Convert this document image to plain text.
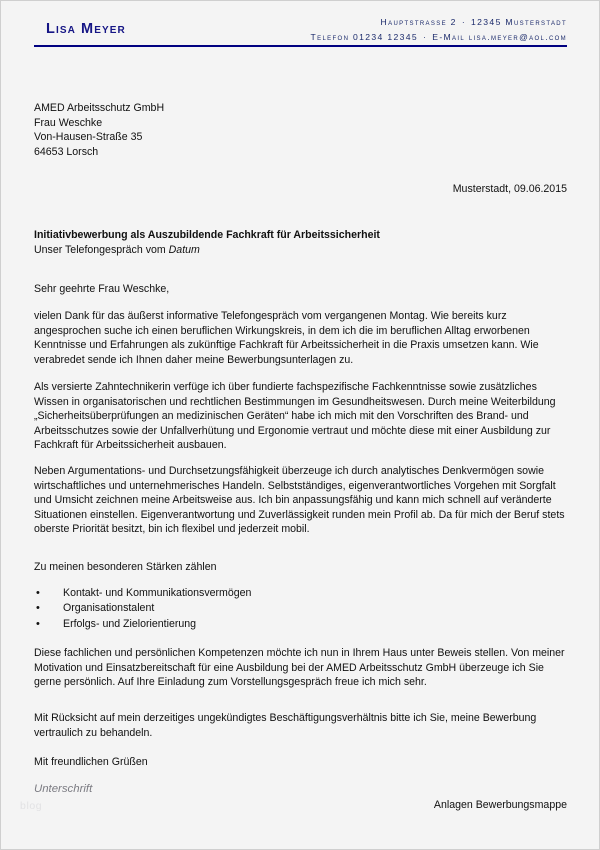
Lisa Meyer	Hauptstrasse 2 · 12345 Musterstadt
Telefon 01234 12345 · E-Mail lisa.meyer@aol.com
AMED Arbeitsschutz GmbH
Frau Weschke
Von-Hausen-Straße 35
64653 Lorsch
Musterstadt, 09.06.2015
Initiativbewerbung als Auszubildende Fachkraft für Arbeitssicherheit
Unser Telefongespräch vom Datum
Sehr geehrte Frau Weschke,
vielen Dank für das äußerst informative Telefongespräch vom vergangenen Montag. Wie bereits kurz angesprochen suche ich einen beruflichen Wirkungskreis, in dem ich die im beruflichen Alltag erworbenen Kenntnisse und Erfahrungen als zukünftige Fachkraft für Arbeitssicherheit in die Praxis umsetzen kann. Wie verabredet sende ich Ihnen daher meine Bewerbungsunterlagen zu.
Als versierte Zahntechnikerin verfüge ich über fundierte fachspezifische Fachkenntnisse sowie zusätzliches Wissen in organisatorischen und rechtlichen Bestimmungen im Gesundheitswesen. Durch meine Weiterbildung „Sicherheitsüberprüfungen an medizinischen Geräten“ habe ich mich mit den Vorschriften des Brand- und Arbeitsschutzes sowie der Unfallverhütung und Ergonomie vertraut und möchte diese mit einer Ausbildung zur Fachkraft für Arbeitssicherheit ausbauen.
Neben Argumentations- und Durchsetzungsfähigkeit überzeuge ich durch analytisches Denkvermögen sowie wirtschaftliches und unternehmerisches Handeln. Selbstständiges, eigenverantwortliches Vorgehen mit Sorgfalt und Umsicht zeichnen meine Arbeitsweise aus. Ich bin anpassungsfähig und kann mich schnell auf veränderte Situationen einstellen. Eigenverantwortung und Zuverlässigkeit runden mein Profil ab. Da für mich der Beruf stets oberste Priorität besitzt, bin ich flexibel und jederzeit mobil.
Zu meinen besonderen Stärken zählen
• Kontakt- und Kommunikationsvermögen
• Organisationstalent
• Erfolgs- und Zielorientierung
Diese fachlichen und persönlichen Kompetenzen möchte ich nun in Ihrem Haus unter Beweis stellen. Von meiner Motivation und Einsatzbereitschaft für eine Ausbildung bei der AMED Arbeitsschutz GmbH überzeuge ich Sie gerne persönlich. Auf Ihre Einladung zum Vorstellungsgespräch freue ich mich sehr.
Mit Rücksicht auf mein derzeitiges ungekündigtes Beschäftigungsverhältnis bitte ich Sie, meine Bewerbung vertraulich zu behandeln.
Mit freundlichen Grüßen
Unterschrift
Anlagen Bewerbungsmappe
blog
